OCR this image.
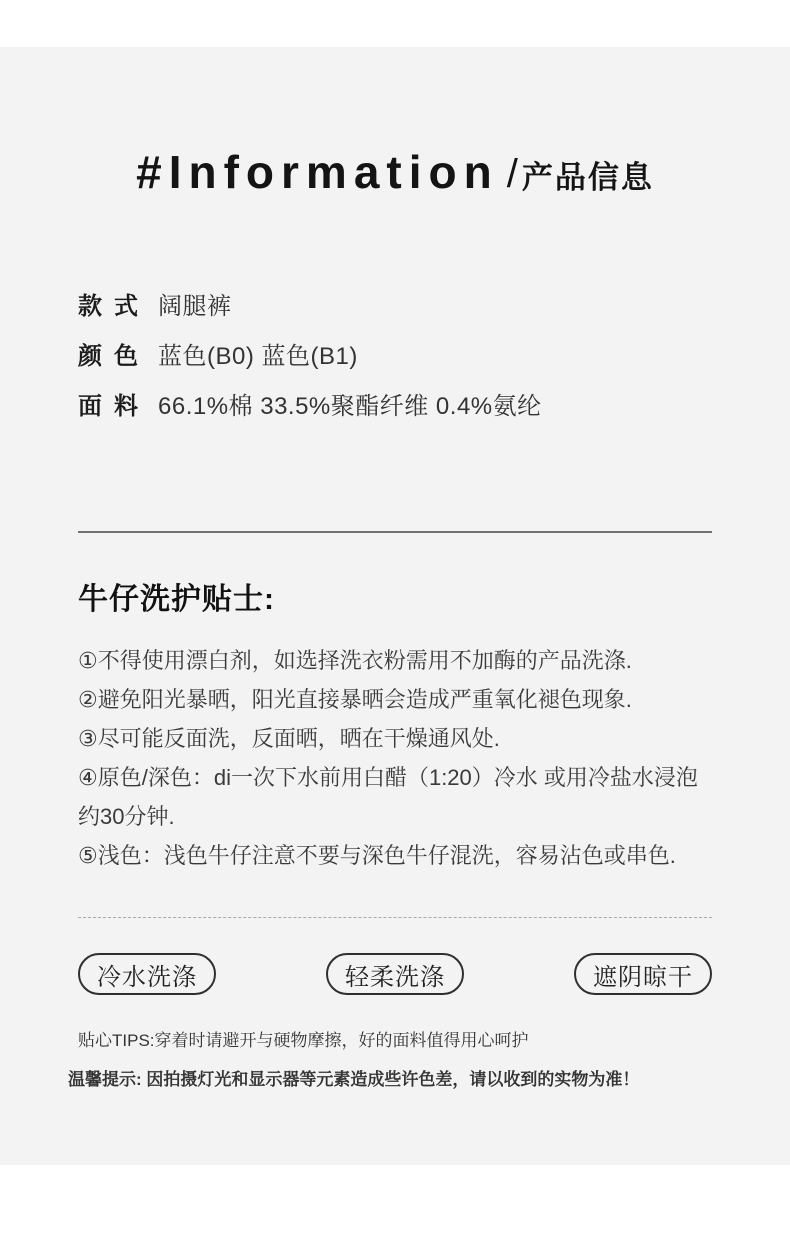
#Information / 产品信息
款式 阔腿裤
颜色 蓝色(B0) 蓝色(B1)
面料 66.1%棉 33.5%聚酯纤维 0.4%氨纶
牛仔洗护贴士:
①不得使用漂白剂，如选择洗衣粉需用不加酶的产品洗涤.
②避免阳光暴晒，阳光直接暴晒会造成严重氧化褪色现象.
③尽可能反面洗，反面晒，晒在干燥通风处.
④原色/深色：di一次下水前用白醋（1:20）冷水 或用冷盐水浸泡约30分钟.
⑤浅色：浅色牛仔注意不要与深色牛仔混洗，容易沾色或串色.
冷水洗涤	轻柔洗涤	遮阴晾干

贴心TIPS:穿着时请避开与硬物摩擦，好的面料值得用心呵护

温馨提示: 因拍摄灯光和显示器等元素造成些许色差，请以收到的实物为准！
